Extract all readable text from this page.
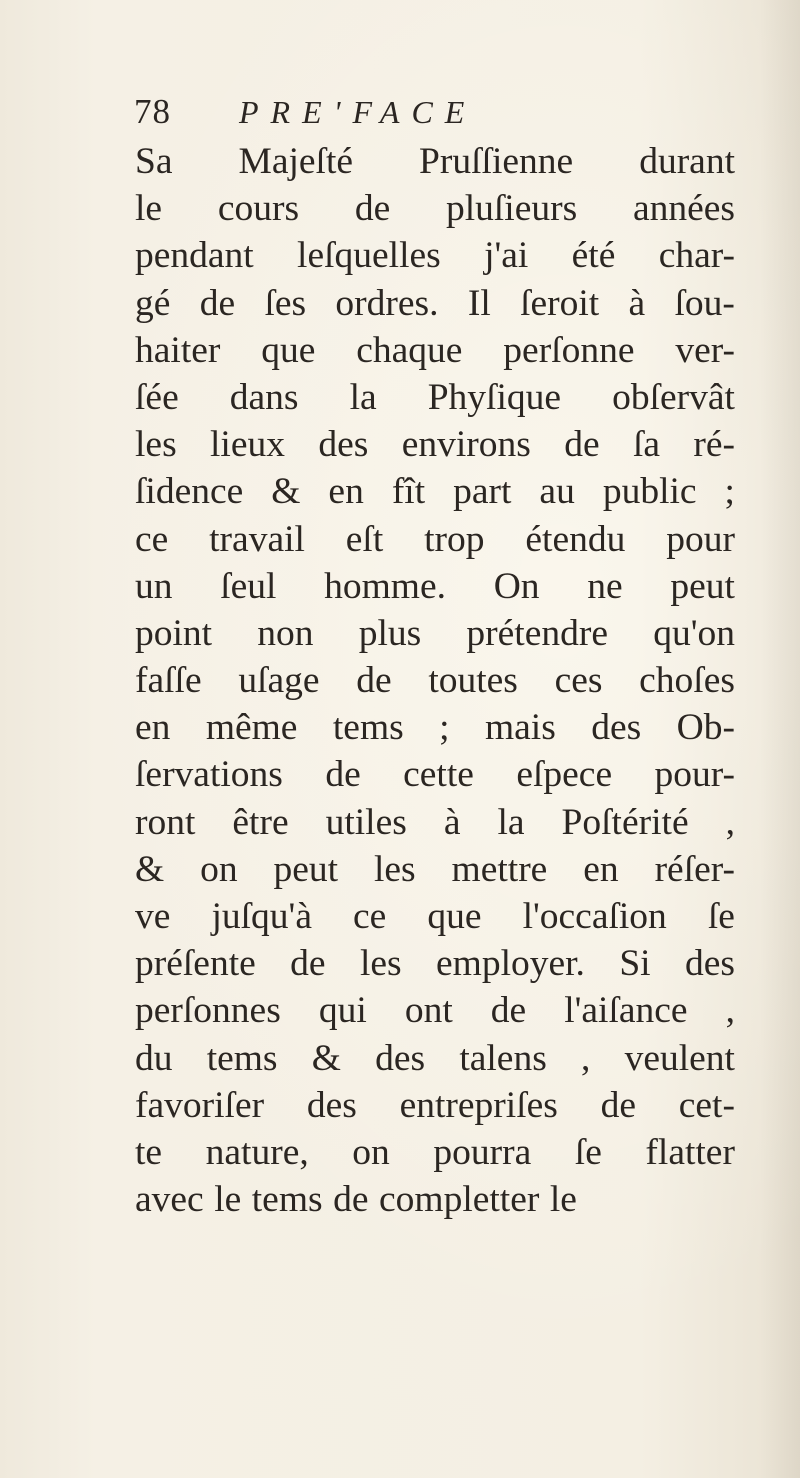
78	PRE'FACE
Sa Majeſté Pruſſienne durant
le cours de pluſieurs années
pendant leſquelles j'ai été char-
gé de ſes ordres. Il ſeroit à ſou-
haiter que chaque perſonne ver-
ſée dans la Phyſique obſervât
les lieux des environs de ſa ré-
ſidence & en fît part au public ;
ce travail eſt trop étendu pour
un ſeul homme. On ne peut
point non plus prétendre qu'on
faſſe uſage de toutes ces choſes
en même tems ; mais des Ob-
ſervations de cette eſpece pour-
ront être utiles à la Poſtérité ,
& on peut les mettre en réſer-
ve juſqu'à ce que l'occaſion ſe
préſente de les employer. Si des
perſonnes qui ont de l'aiſance ,
du tems & des talens , veulent
favoriſer des entrepriſes de cet-
te nature, on pourra ſe flatter
avec le tems de completter le
